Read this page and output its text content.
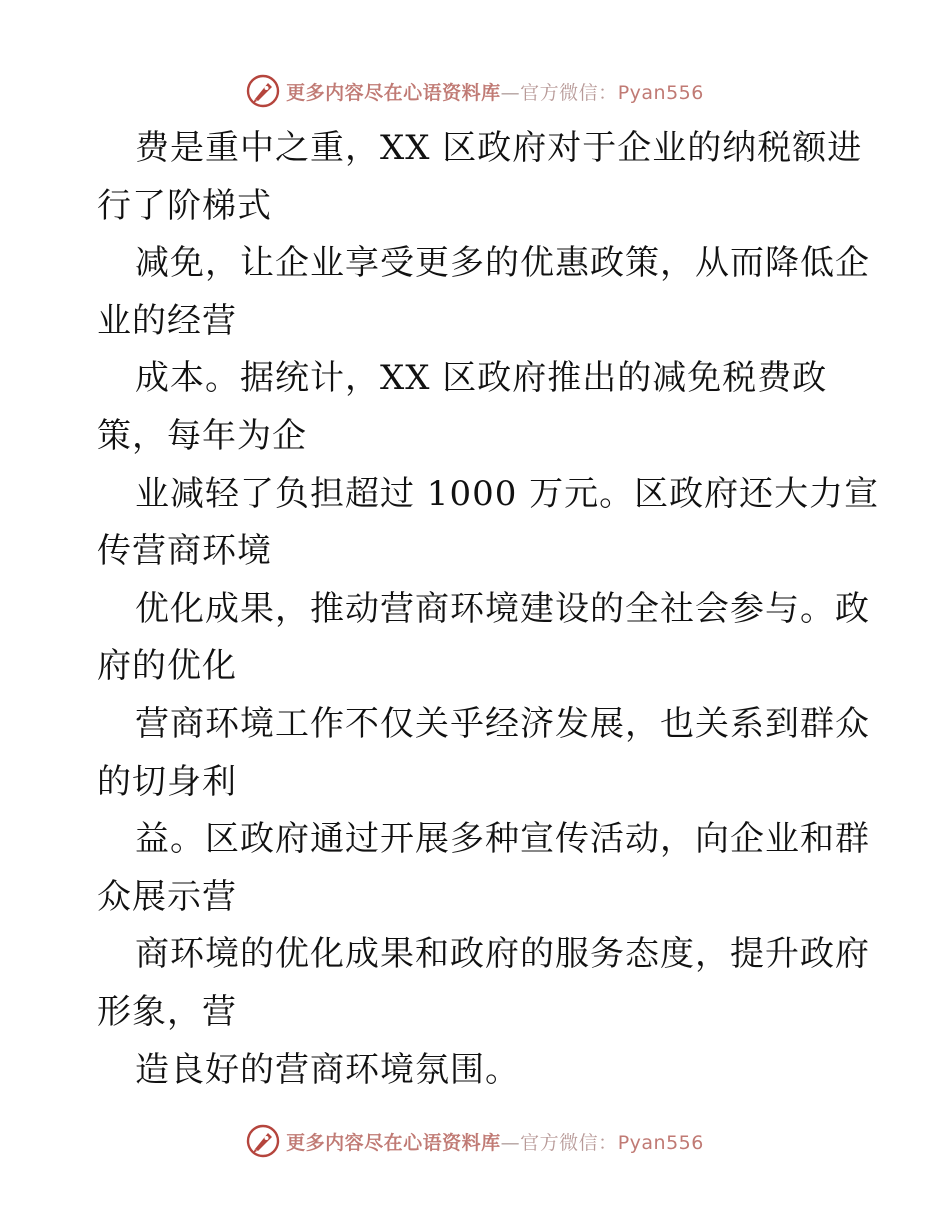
更多内容尽在心语资料库—官方微信：Pyan556
费是重中之重，XX 区政府对于企业的纳税额进
行了阶梯式
减免，让企业享受更多的优惠政策，从而降低企
业的经营
成本。据统计，XX 区政府推出的减免税费政
策，每年为企
业减轻了负担超过 1000 万元。区政府还大力宣
传营商环境
优化成果，推动营商环境建设的全社会参与。政
府的优化
营商环境工作不仅关乎经济发展，也关系到群众
的切身利
益。区政府通过开展多种宣传活动，向企业和群
众展示营
商环境的优化成果和政府的服务态度，提升政府
形象，营
造良好的营商环境氛围。
更多内容尽在心语资料库—官方微信：Pyan556
